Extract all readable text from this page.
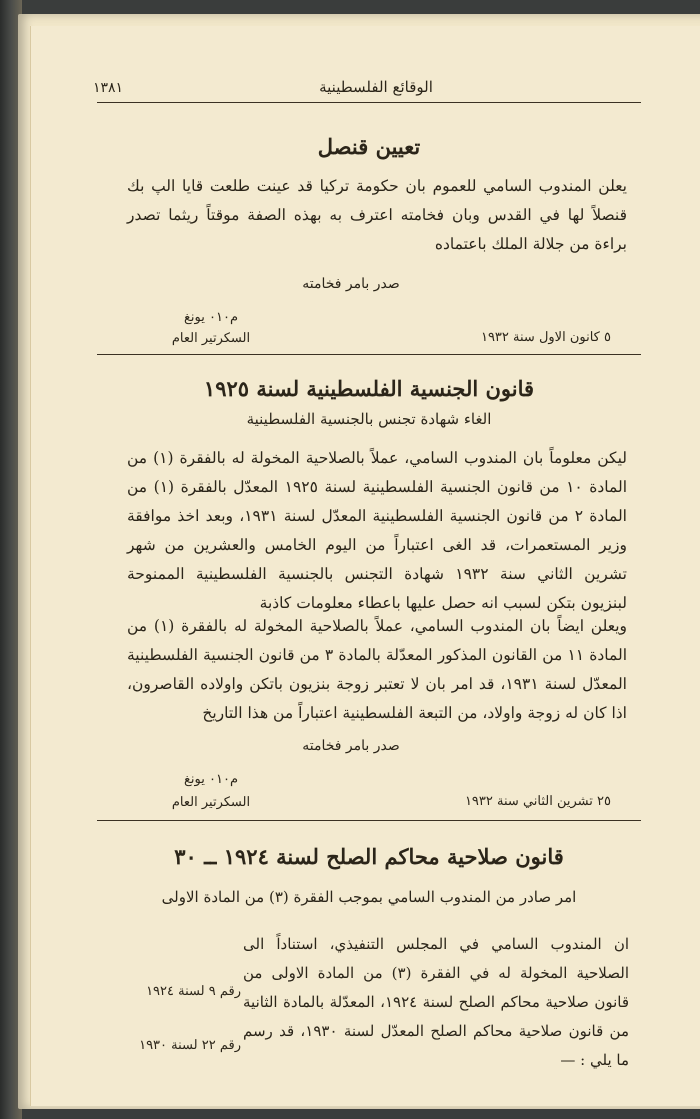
١٣٨١	الوقائع الفلسطينية
تعيين قنصل
يعلن المندوب السامي للعموم بان حكومة تركيا قد عينت طلعت قايا الپ بك قنصلاً لها في القدس وبان فخامته اعترف به بهذه الصفة موقتاً ريثما تصدر براءة من جلالة الملك باعتماده
صدر بامر فخامته
م٠١٠ يونغ
٥ كانون الاول سنة ١٩٣٢
السكرتير العام
قانون الجنسية الفلسطينية لسنة ١٩٢٥
الغاء شهادة تجنس بالجنسية الفلسطينية
ليكن معلوماً بان المندوب السامي، عملاً بالصلاحية المخولة له بالفقرة (١) من المادة ١٠ من قانون الجنسية الفلسطينية لسنة ١٩٢٥ المعدّل بالفقرة (١) من المادة ٢ من قانون الجنسية الفلسطينية المعدّل لسنة ١٩٣١، وبعد اخذ موافقة وزير المستعمرات، قد الغى اعتباراً من اليوم الخامس والعشرين من شهر تشرين الثاني سنة ١٩٣٢ شهادة التجنس بالجنسية الفلسطينية الممنوحة لبنزيون بتكن لسبب انه حصل عليها باعطاء معلومات كاذبة
ويعلن ايضاً بان المندوب السامي، عملاً بالصلاحية المخولة له بالفقرة (١) من المادة ١١ من القانون المذكور المعدّلة بالمادة ٣ من قانون الجنسية الفلسطينية المعدّل لسنة ١٩٣١، قد امر بان لا تعتبر زوجة بنزيون باتكن واولاده القاصرون، اذا كان له زوجة واولاد، من التبعة الفلسطينية اعتباراً من هذا التاريخ
صدر بامر فخامته
م٠١٠ يونغ
٢٥ تشرين الثاني سنة ١٩٣٢
السكرتير العام
قانون صلاحية محاكم الصلح لسنة ١٩٢٤ ــ ٣٠
امر صادر من المندوب السامي بموجب الفقرة (٣) من المادة الاولى
ان المندوب السامي في المجلس التنفيذي، استناداً الى الصلاحية المخولة له في الفقرة (٣) من المادة الاولى من قانون صلاحية محاكم الصلح لسنة ١٩٢٤، المعدّلة بالمادة الثانية من قانون صلاحية محاكم الصلح المعدّل لسنة ١٩٣٠، قد رسم ما يلي : —
رقم ٩ لسنة ١٩٢٤
رقم ٢٢ لسنة ١٩٣٠
